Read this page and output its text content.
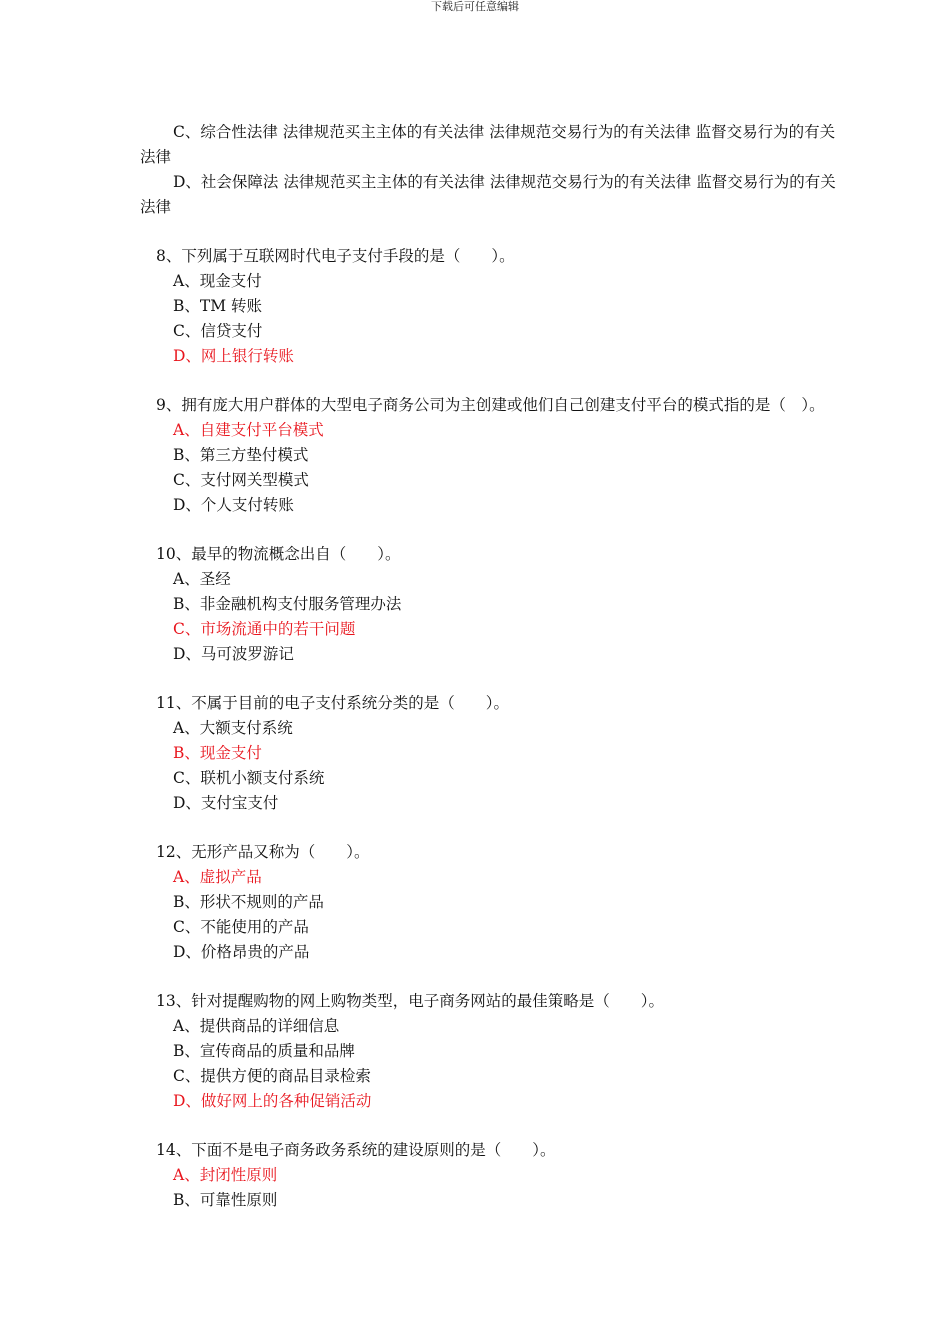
下载后可任意编辑

C、综合性法律 法律规范买主主体的有关法律 法律规范交易行为的有关法律 监督交易行为的有关法律

D、社会保障法 法律规范买主主体的有关法律 法律规范交易行为的有关法律 监督交易行为的有关法律

8、下列属于互联网时代电子支付手段的是（　　）。

A、现金支付

B、TM 转账

C、信贷支付

D、网上银行转账

9、拥有庞大用户群体的大型电子商务公司为主创建或他们自己创建支付平台的模式指的是（　）。

A、自建支付平台模式

B、第三方垫付模式

C、支付网关型模式

D、个人支付转账

10、最早的物流概念出自（　　）。

A、圣经

B、非金融机构支付服务管理办法

C、市场流通中的若干问题

D、马可波罗游记

11、不属于目前的电子支付系统分类的是（　　）。

A、大额支付系统

B、现金支付

C、联机小额支付系统

D、支付宝支付

12、无形产品又称为（　　）。

A、虚拟产品

B、形状不规则的产品

C、不能使用的产品

D、价格昂贵的产品

13、针对提醒购物的网上购物类型，电子商务网站的最佳策略是（　　）。

A、提供商品的详细信息

B、宣传商品的质量和品牌

C、提供方便的商品目录检索

D、做好网上的各种促销活动

14、下面不是电子商务政务系统的建设原则的是（　　）。

A、封闭性原则

B、可靠性原则
